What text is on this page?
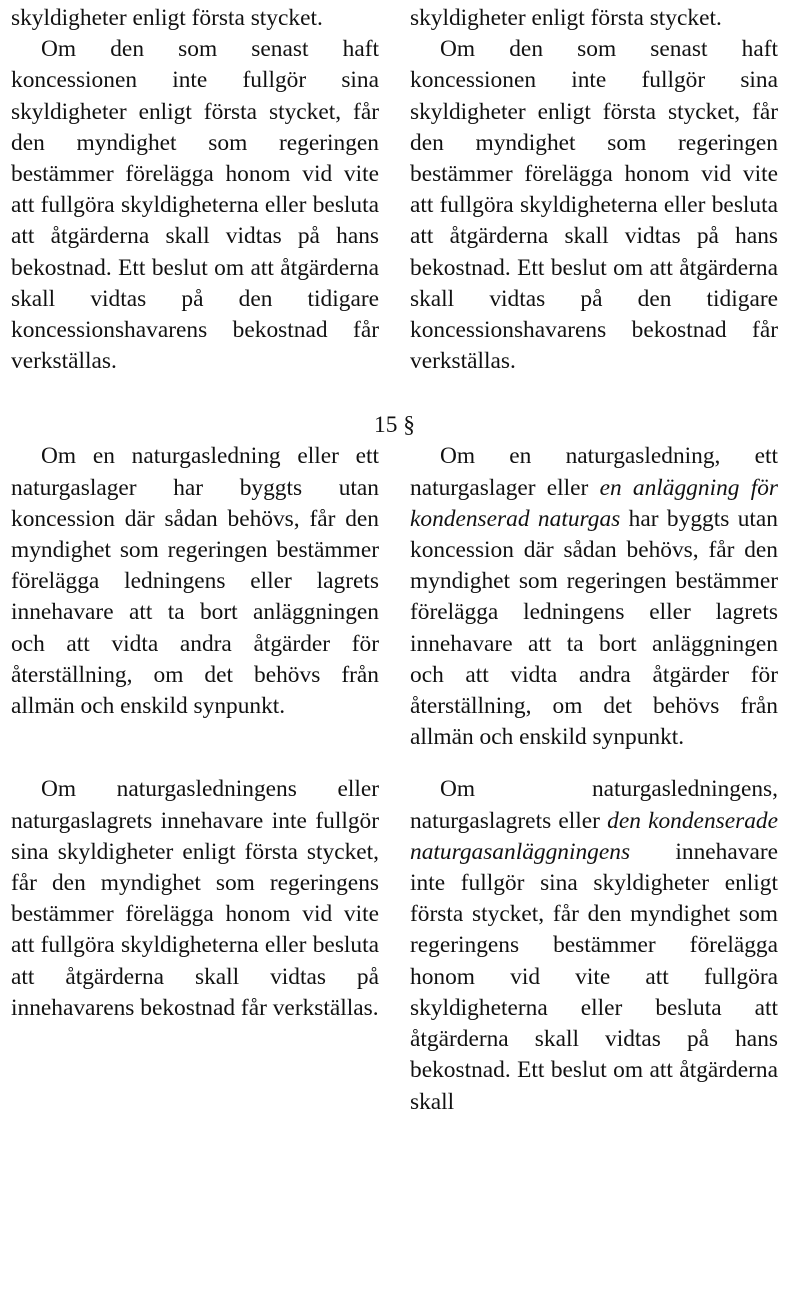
skyldigheter enligt första stycket.

Om den som senast haft koncessionen inte fullgör sina skyldigheter enligt första stycket, får den myndighet som regeringen bestämmer förelägga honom vid vite att fullgöra skyldigheterna eller besluta att åtgärderna skall vidtas på hans bekostnad. Ett beslut om att åtgärderna skall vidtas på den tidigare koncessionshavarens bekostnad får verkställas.

skyldigheter enligt första stycket.

Om den som senast haft koncessionen inte fullgör sina skyldigheter enligt första stycket, får den myndighet som regeringen bestämmer förelägga honom vid vite att fullgöra skyldigheterna eller besluta att åtgärderna skall vidtas på hans bekostnad. Ett beslut om att åtgärderna skall vidtas på den tidigare koncessionshavarens bekostnad får verkställas.

15 §

Om en naturgasledning eller ett naturgaslager har byggts utan koncession där sådan behövs, får den myndighet som regeringen bestämmer förelägga ledningens eller lagrets innehavare att ta bort anläggningen och att vidta andra åtgärder för återställning, om det behövs från allmän och enskild synpunkt.

Om en naturgasledning, ett naturgaslager eller en anläggning för kondenserad naturgas har byggts utan koncession där sådan behövs, får den myndighet som regeringen bestämmer förelägga ledningens eller lagrets innehavare att ta bort anläggningen och att vidta andra åtgärder för återställning, om det behövs från allmän och enskild synpunkt.

Om naturgasledningens eller naturgaslagrets innehavare inte fullgör sina skyldigheter enligt första stycket, får den myndighet som regeringens bestämmer förelägga honom vid vite att fullgöra skyldigheterna eller besluta att åtgärderna skall vidtas på innehavarens bekostnad får verkställas.

Om naturgasledningens, naturgaslagrets eller den kondenserade naturgasanläggningens innehavare inte fullgör sina skyldigheter enligt första stycket, får den myndighet som regeringens bestämmer förelägga honom vid vite att fullgöra skyldigheterna eller besluta att åtgärderna skall vidtas på hans bekostnad. Ett beslut om att åtgärderna skall
